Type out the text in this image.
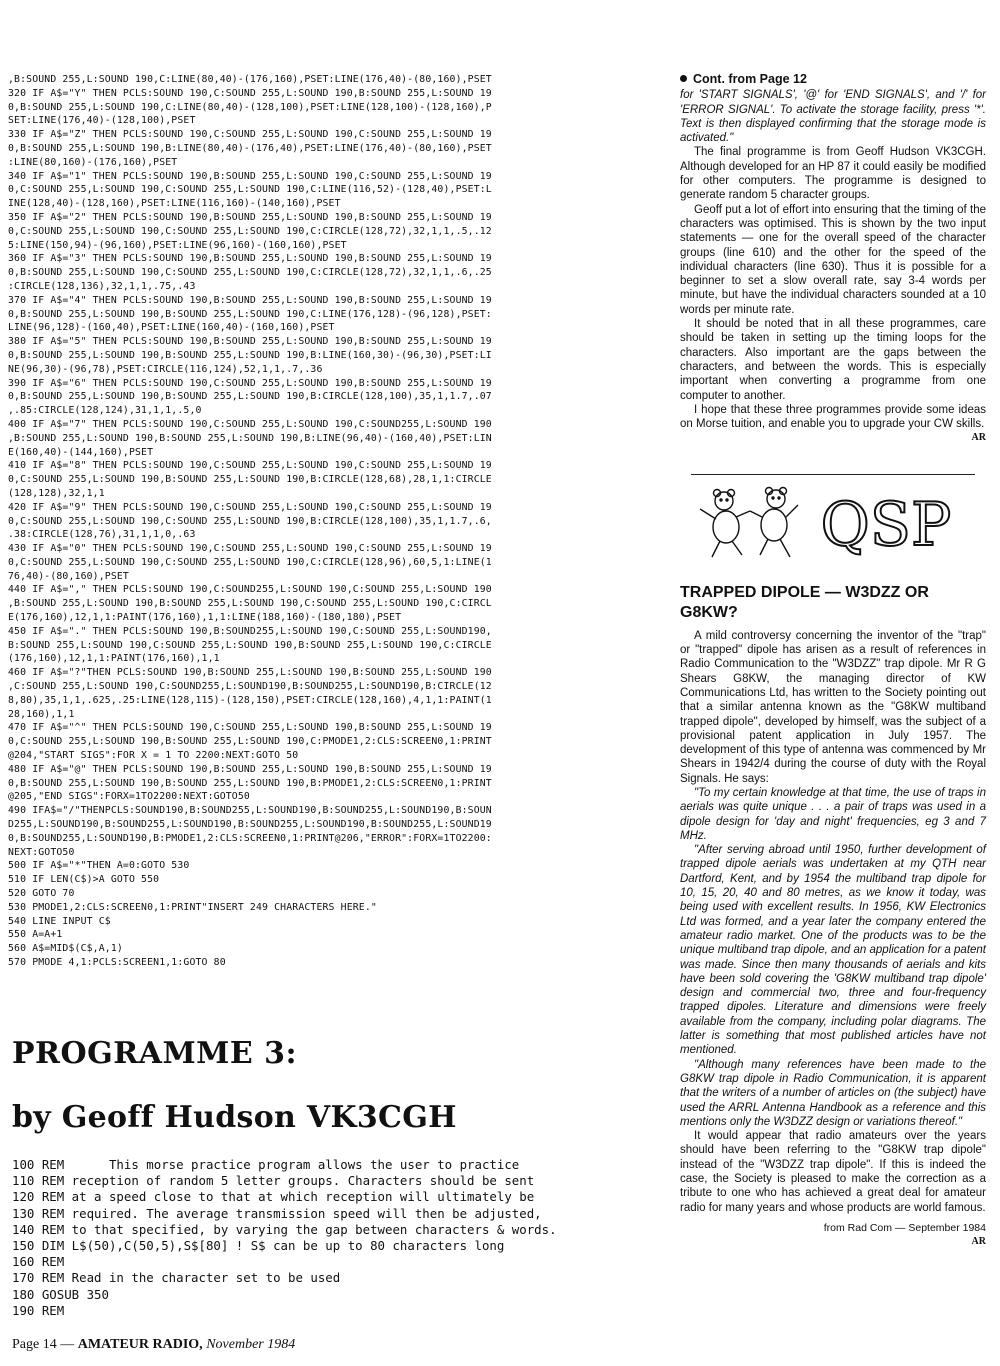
,B:SOUND 255,L:SOUND 190,C:LINE(80,40)-(176,160),PSET:LINE(176,40)-(80,160),PSET
320 IF A$="Y" THEN PCLS:SOUND 190,C:SOUND 255,L:SOUND 190,B:SOUND 255,L:SOUND 19
0,B:SOUND 255,L:SOUND 190,C:LINE(80,40)-(128,100),PSET:LINE(128,100)-(128,160),P
SET:LINE(176,40)-(128,100),PSET
330 IF A$="Z" THEN PCLS:SOUND 190,C:SOUND 255,L:SOUND 190,C:SOUND 255,L:SOUND 19
0,B:SOUND 255,L:SOUND 190,B:LINE(80,40)-(176,40),PSET:LINE(176,40)-(80,160),PSET
:LINE(80,160)-(176,160),PSET
340 IF A$="1" THEN PCLS:SOUND 190,B:SOUND 255,L:SOUND 190,C:SOUND 255,L:SOUND 19
0,C:SOUND 255,L:SOUND 190,C:SOUND 255,L:SOUND 190,C:LINE(116,52)-(128,40),PSET:L
INE(128,40)-(128,160),PSET:LINE(116,160)-(140,160),PSET
350 IF A$="2" THEN PCLS:SOUND 190,B:SOUND 255,L:SOUND 190,B:SOUND 255,L:SOUND 19
0,C:SOUND 255,L:SOUND 190,C:SOUND 255,L:SOUND 190,C:CIRCLE(128,72),32,1,1,.5,.12
5:LINE(150,94)-(96,160),PSET:LINE(96,160)-(160,160),PSET
360 IF A$="3" THEN PCLS:SOUND 190,B:SOUND 255,L:SOUND 190,B:SOUND 255,L:SOUND 19
0,B:SOUND 255,L:SOUND 190,C:SOUND 255,L:SOUND 190,C:CIRCLE(128,72),32,1,1,.6,.25
:CIRCLE(128,136),32,1,1,.75,.43
370 IF A$="4" THEN PCLS:SOUND 190,B:SOUND 255,L:SOUND 190,B:SOUND 255,L:SOUND 19
0,B:SOUND 255,L:SOUND 190,B:SOUND 255,L:SOUND 190,C:LINE(176,128)-(96,128),PSET:
LINE(96,128)-(160,40),PSET:LINE(160,40)-(160,160),PSET
380 IF A$="5" THEN PCLS:SOUND 190,B:SOUND 255,L:SOUND 190,B:SOUND 255,L:SOUND 19
0,B:SOUND 255,L:SOUND 190,B:SOUND 255,L:SOUND 190,B:LINE(160,30)-(96,30),PSET:LI
NE(96,30)-(96,78),PSET:CIRCLE(116,124),52,1,1,.7,.36
390 IF A$="6" THEN PCLS:SOUND 190,C:SOUND 255,L:SOUND 190,B:SOUND 255,L:SOUND 19
0,B:SOUND 255,L:SOUND 190,B:SOUND 255,L:SOUND 190,B:CIRCLE(128,100),35,1,1.7,.07
,.85:CIRCLE(128,124),31,1,1,.5,0
400 IF A$="7" THEN PCLS:SOUND 190,C:SOUND 255,L:SOUND 190,C:SOUND255,L:SOUND 190
,B:SOUND 255,L:SOUND 190,B:SOUND 255,L:SOUND 190,B:LINE(96,40)-(160,40),PSET:LIN
E(160,40)-(144,160),PSET
410 IF A$="8" THEN PCLS:SOUND 190,C:SOUND 255,L:SOUND 190,C:SOUND 255,L:SOUND 19
0,C:SOUND 255,L:SOUND 190,B:SOUND 255,L:SOUND 190,B:CIRCLE(128,68),28,1,1:CIRCLE
(128,128),32,1,1
420 IF A$="9" THEN PCLS:SOUND 190,C:SOUND 255,L:SOUND 190,C:SOUND 255,L:SOUND 19
0,C:SOUND 255,L:SOUND 190,C:SOUND 255,L:SOUND 190,B:CIRCLE(128,100),35,1,1.7,.6,
.38:CIRCLE(128,76),31,1,1,0,.63
430 IF A$="0" THEN PCLS:SOUND 190,C:SOUND 255,L:SOUND 190,C:SOUND 255,L:SOUND 19
0,C:SOUND 255,L:SOUND 190,C:SOUND 255,L:SOUND 190,C:CIRCLE(128,96),60,5,1:LINE(1
76,40)-(80,160),PSET
440 IF A$="," THEN PCLS:SOUND 190,C:SOUND255,L:SOUND 190,C:SOUND 255,L:SOUND 190
,B:SOUND 255,L:SOUND 190,B:SOUND 255,L:SOUND 190,C:SOUND 255,L:SOUND 190,C:CIRCL
E(176,160),12,1,1:PAINT(176,160),1,1:LINE(188,160)-(180,180),PSET
450 IF A$="." THEN PCLS:SOUND 190,B:SOUND255,L:SOUND 190,C:SOUND 255,L:SOUND190,
B:SOUND 255,L:SOUND 190,C:SOUND 255,L:SOUND 190,B:SOUND 255,L:SOUND 190,C:CIRCLE
(176,160),12,1,1:PAINT(176,160),1,1
460 IF A$="?"THEN PCLS:SOUND 190,B:SOUND 255,L:SOUND 190,B:SOUND 255,L:SOUND 190
,C:SOUND 255,L:SOUND 190,C:SOUND255,L:SOUND190,B:SOUND255,L:SOUND190,B:CIRCLE(12
8,80),35,1,1,.625,.25:LINE(128,115)-(128,150),PSET:CIRCLE(128,160),4,1,1:PAINT(1
28,160),1,1
470 IF A$="^" THEN PCLS:SOUND 190,C:SOUND 255,L:SOUND 190,B:SOUND 255,L:SOUND 19
0,C:SOUND 255,L:SOUND 190,B:SOUND 255,L:SOUND 190,C:PMODE1,2:CLS:SCREEN0,1:PRINT
@204,"START SIGS":FOR X = 1 TO 2200:NEXT:GOTO 50
480 IF A$="@" THEN PCLS:SOUND 190,B:SOUND 255,L:SOUND 190,B:SOUND 255,L:SOUND 19
0,B:SOUND 255,L:SOUND 190,B:SOUND 255,L:SOUND 190,B:PMODE1,2:CLS:SCREEN0,1:PRINT
@205,"END SIGS":FORX=1TO2200:NEXT:GOTO50
490 IFA$="/"THENPCLS:SOUND190,B:SOUND255,L:SOUND190,B:SOUND255,L:SOUND190,B:SOUN
D255,L:SOUND190,B:SOUND255,L:SOUND190,B:SOUND255,L:SOUND190,B:SOUND255,L:SOUND19
0,B:SOUND255,L:SOUND190,B:PMODE1,2:CLS:SCREEN0,1:PRINT@206,"ERROR":FORX=1TO2200:
NEXT:GOTO50
500 IF A$="*"THEN A=0:GOTO 530
510 IF LEN(C$)>A GOTO 550
520 GOTO 70
530 PMODE1,2:CLS:SCREEN0,1:PRINT"INSERT 249 CHARACTERS HERE."
540 LINE INPUT C$
550 A=A+1
560 A$=MID$(C$,A,1)
570 PMODE 4,1:PCLS:SCREEN1,1:GOTO 80
PROGRAMME 3:
by Geoff Hudson VK3CGH
100 REM      This morse practice program allows the user to practice
110 REM reception of random 5 letter groups. Characters should be sent
120 REM at a speed close to that at which reception will ultimately be
130 REM required. The average transmission speed will then be adjusted,
140 REM to that specified, by varying the gap between characters & words.
150 DIM L$(50),C(50,5),S$[80] ! S$ can be up to 80 characters long
160 REM
170 REM Read in the character set to be used
180 GOSUB 350
190 REM
Page 14 — AMATEUR RADIO, November 1984
Cont. from Page 12

for 'START SIGNALS', '@' for 'END SIGNALS', and '/' for 'ERROR SIGNAL'. To activate the storage facility, press '*'. Text is then displayed confirming that the storage mode is activated."

The final programme is from Geoff Hudson VK3CGH. Although developed for an HP 87 it could easily be modified for other computers. The programme is designed to generate random 5 character groups.

Geoff put a lot of effort into ensuring that the timing of the characters was optimised. This is shown by the two input statements — one for the overall speed of the character groups (line 610) and the other for the speed of the individual characters (line 630). Thus it is possible for a beginner to set a slow overall rate, say 3-4 words per minute, but have the individual characters sounded at a 10 words per minute rate.

It should be noted that in all these programmes, care should be taken in setting up the timing loops for the characters. Also important are the gaps between the characters, and between the words. This is especially important when converting a programme from one computer to another.

I hope that these three programmes provide some ideas on Morse tuition, and enable you to upgrade your CW skills.

AR

QSP

TRAPPED DIPOLE — W3DZZ OR G8KW?

A mild controversy concerning the inventor of the "trap" or "trapped" dipole has arisen as a result of references in Radio Communication to the "W3DZZ" trap dipole. Mr R G Shears G8KW, the managing director of KW Communications Ltd, has written to the Society pointing out that a similar antenna known as the "G8KW multiband trapped dipole", developed by himself, was the subject of a provisional patent application in July 1957. The development of this type of antenna was commenced by Mr Shears in 1942/4 during the course of duty with the Royal Signals. He says:

"To my certain knowledge at that time, the use of traps in aerials was quite unique . . . a pair of traps was used in a dipole design for 'day and night' frequencies, eg 3 and 7 MHz.

"After serving abroad until 1950, further development of trapped dipole aerials was undertaken at my QTH near Dartford, Kent, and by 1954 the multiband trap dipole for 10, 15, 20, 40 and 80 metres, as we know it today, was being used with excellent results. In 1956, KW Electronics Ltd was formed, and a year later the company entered the amateur radio market. One of the products was to be the unique multiband trap dipole, and an application for a patent was made. Since then many thousands of aerials and kits have been sold covering the 'G8KW multiband trap dipole' design and commercial two, three and four-frequency trapped dipoles. Literature and dimensions were freely available from the company, including polar diagrams. The latter is something that most published articles have not mentioned.

"Although many references have been made to the G8KW trap dipole in Radio Communication, it is apparent that the writers of a number of articles on (the subject) have used the ARRL Antenna Handbook as a reference and this mentions only the W3DZZ design or variations thereof."

It would appear that radio amateurs over the years should have been referring to the "G8KW trap dipole" instead of the "W3DZZ trap dipole". If this is indeed the case, the Society is pleased to make the correction as a tribute to one who has achieved a great deal for amateur radio for many years and whose products are world famous.

from Rad Com — September 1984

AR
